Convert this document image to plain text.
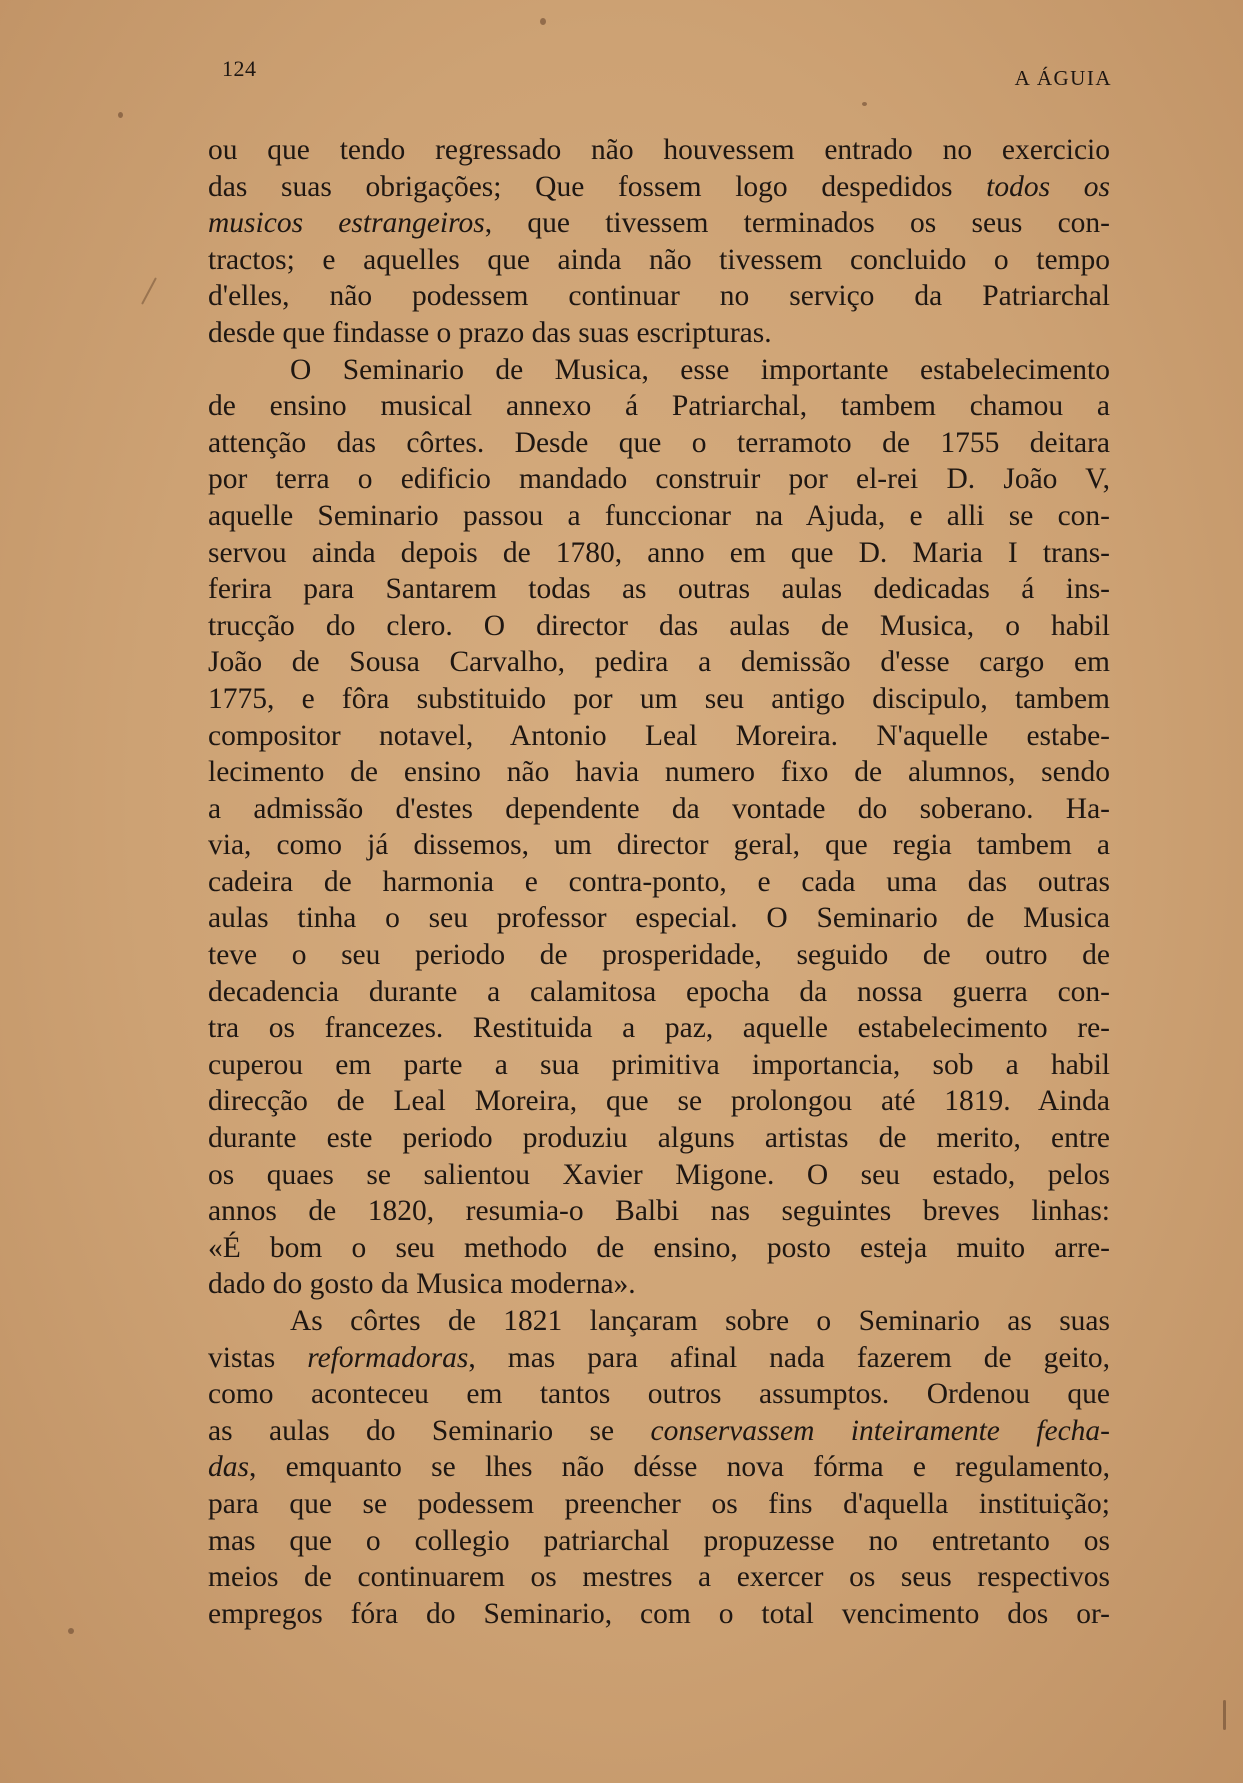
124	A ÁGUIA
ou que tendo regressado não houvessem entrado no exercicio
das suas obrigações; Que fossem logo despedidos todos os
musicos estrangeiros, que tivessem terminados os seus con-
tractos; e aquelles que ainda não tivessem concluido o tempo
d'elles, não podessem continuar no serviço da Patriarchal
desde que findasse o prazo das suas escripturas.
O Seminario de Musica, esse importante estabelecimento
de ensino musical annexo á Patriarchal, tambem chamou a
attenção das côrtes. Desde que o terramoto de 1755 deitara
por terra o edificio mandado construir por el-rei D. João V,
aquelle Seminario passou a funccionar na Ajuda, e alli se con-
servou ainda depois de 1780, anno em que D. Maria I trans-
ferira para Santarem todas as outras aulas dedicadas á ins-
trucção do clero. O director das aulas de Musica, o habil
João de Sousa Carvalho, pedira a demissão d'esse cargo em
1775, e fôra substituido por um seu antigo discipulo, tambem
compositor notavel, Antonio Leal Moreira. N'aquelle estabe-
lecimento de ensino não havia numero fixo de alumnos, sendo
a admissão d'estes dependente da vontade do soberano. Ha-
via, como já dissemos, um director geral, que regia tambem a
cadeira de harmonia e contra-ponto, e cada uma das outras
aulas tinha o seu professor especial. O Seminario de Musica
teve o seu periodo de prosperidade, seguido de outro de
decadencia durante a calamitosa epocha da nossa guerra con-
tra os francezes. Restituida a paz, aquelle estabelecimento re-
cuperou em parte a sua primitiva importancia, sob a habil
direcção de Leal Moreira, que se prolongou até 1819. Ainda
durante este periodo produziu alguns artistas de merito, entre
os quaes se salientou Xavier Migone. O seu estado, pelos
annos de 1820, resumia-o Balbi nas seguintes breves linhas:
«É bom o seu methodo de ensino, posto esteja muito arre-
dado do gosto da Musica moderna».
As côrtes de 1821 lançaram sobre o Seminario as suas
vistas reformadoras, mas para afinal nada fazerem de geito,
como aconteceu em tantos outros assumptos. Ordenou que
as aulas do Seminario se conservassem inteiramente fecha-
das, emquanto se lhes não désse nova fórma e regulamento,
para que se podessem preencher os fins d'aquella instituição;
mas que o collegio patriarchal propuzesse no entretanto os
meios de continuarem os mestres a exercer os seus respectivos
empregos fóra do Seminario, com o total vencimento dos or-
